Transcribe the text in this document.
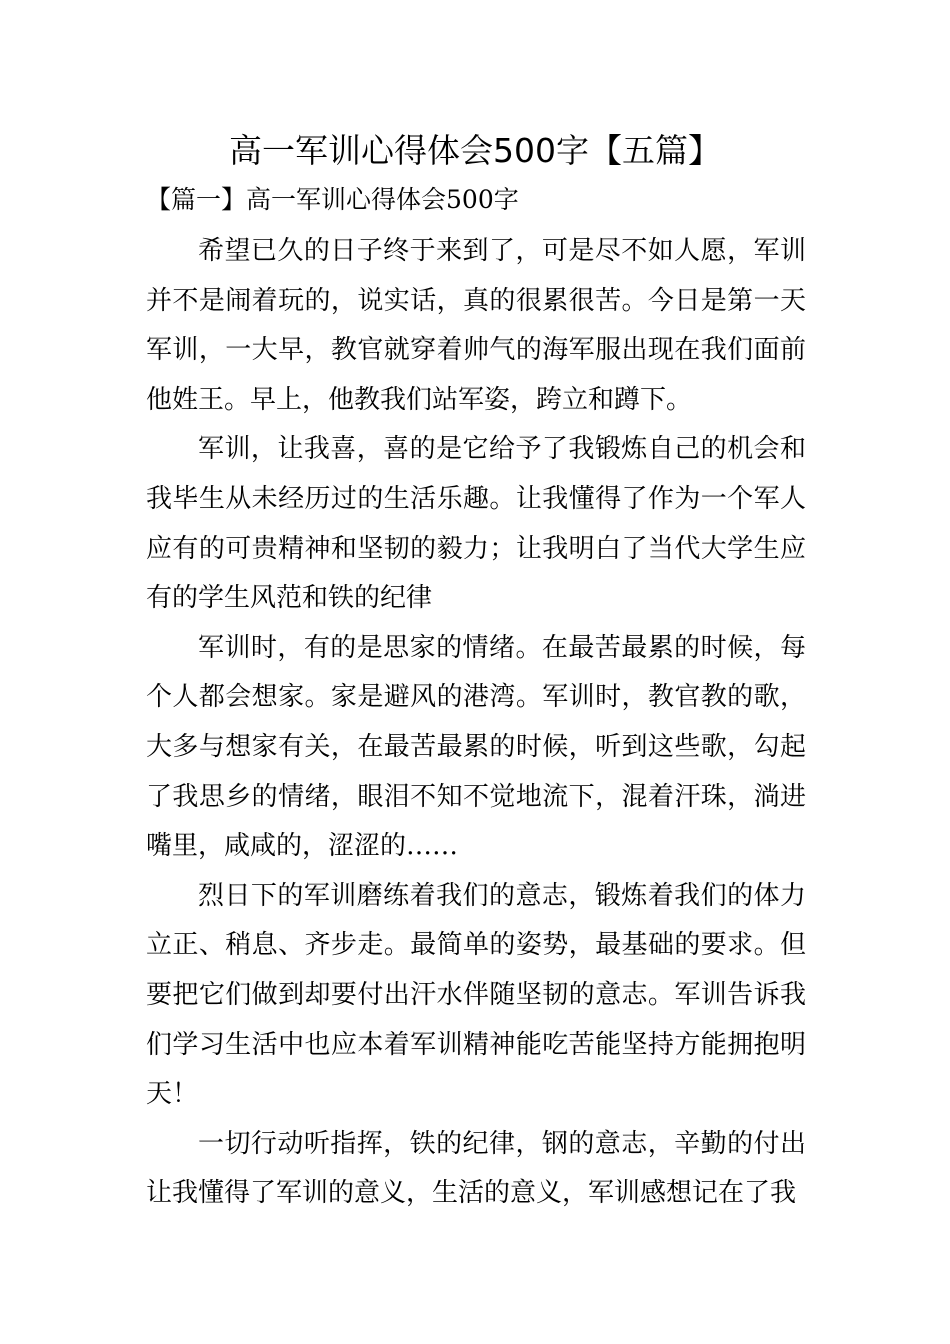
高一军训心得体会500字【五篇】

【篇一】高一军训心得体会500字

希望已久的日子终于来到了，可是尽不如人愿，军训并不是闹着玩的，说实话，真的很累很苦。今日是第一天军训，一大早，教官就穿着帅气的海军服出现在我们面前他姓王。早上，他教我们站军姿，跨立和蹲下。

军训，让我喜，喜的是它给予了我锻炼自己的机会和我毕生从未经历过的生活乐趣。让我懂得了作为一个军人应有的可贵精神和坚韧的毅力；让我明白了当代大学生应有的学生风范和铁的纪律

军训时，有的是思家的情绪。在最苦最累的时候，每个人都会想家。家是避风的港湾。军训时，教官教的歌，大多与想家有关，在最苦最累的时候，听到这些歌，勾起了我思乡的情绪，眼泪不知不觉地流下，混着汗珠，淌进嘴里，咸咸的，涩涩的……

烈日下的军训磨练着我们的意志，锻炼着我们的体力立正、稍息、齐步走。最简单的姿势，最基础的要求。但要把它们做到却要付出汗水伴随坚韧的意志。军训告诉我们学习生活中也应本着军训精神能吃苦能坚持方能拥抱明天！

一切行动听指挥，铁的纪律，钢的意志，辛勤的付出让我懂得了军训的意义，生活的意义，军训感想记在了我
